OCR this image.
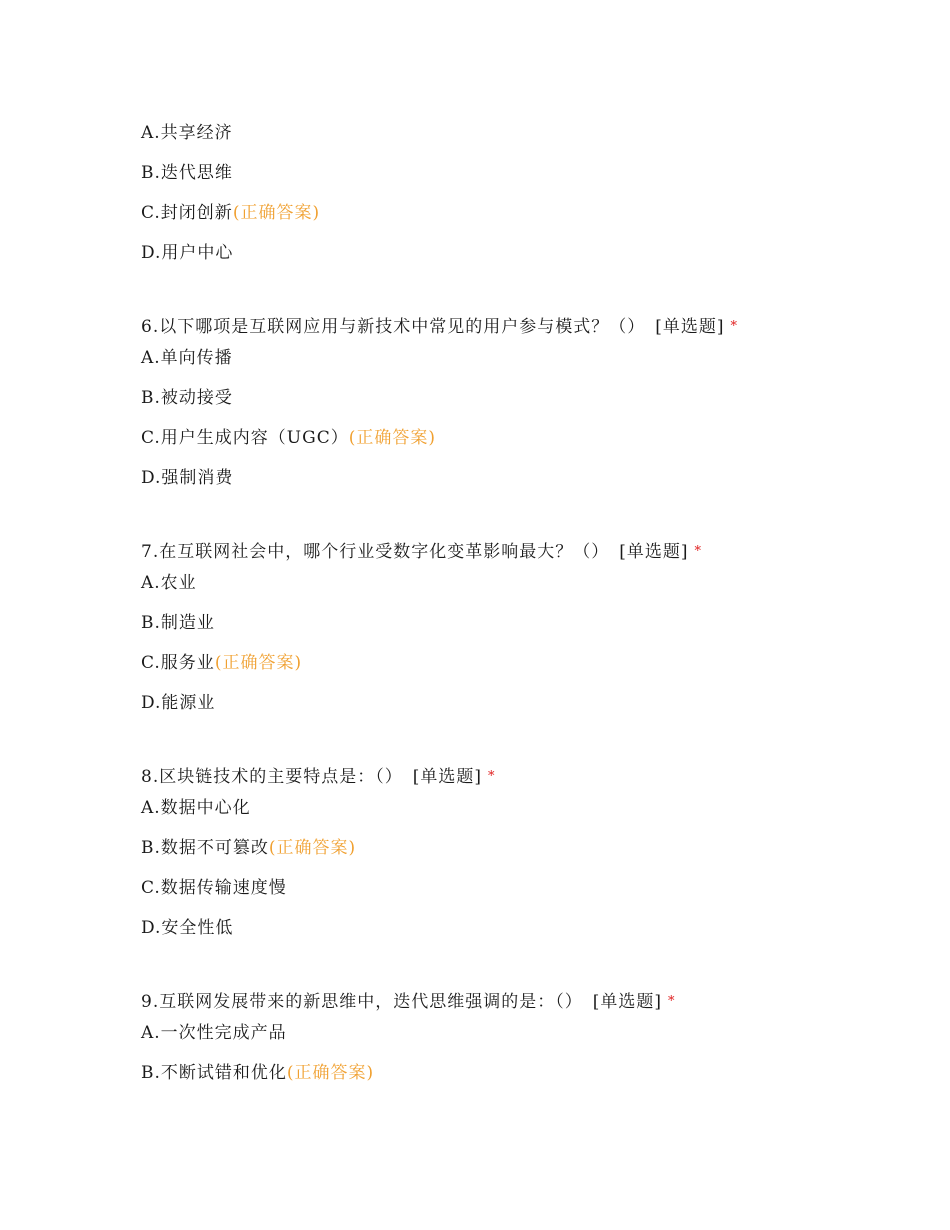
A.共享经济
B.迭代思维
C.封闭创新(正确答案)
D.用户中心
6.以下哪项是互联网应用与新技术中常见的用户参与模式？（） [单选题] *
A.单向传播
B.被动接受
C.用户生成内容（UGC）(正确答案)
D.强制消费
7.在互联网社会中，哪个行业受数字化变革影响最大？（） [单选题] *
A.农业
B.制造业
C.服务业(正确答案)
D.能源业
8.区块链技术的主要特点是：（） [单选题] *
A.数据中心化
B.数据不可篡改(正确答案)
C.数据传输速度慢
D.安全性低
9.互联网发展带来的新思维中，迭代思维强调的是：（） [单选题] *
A.一次性完成产品
B.不断试错和优化(正确答案)
